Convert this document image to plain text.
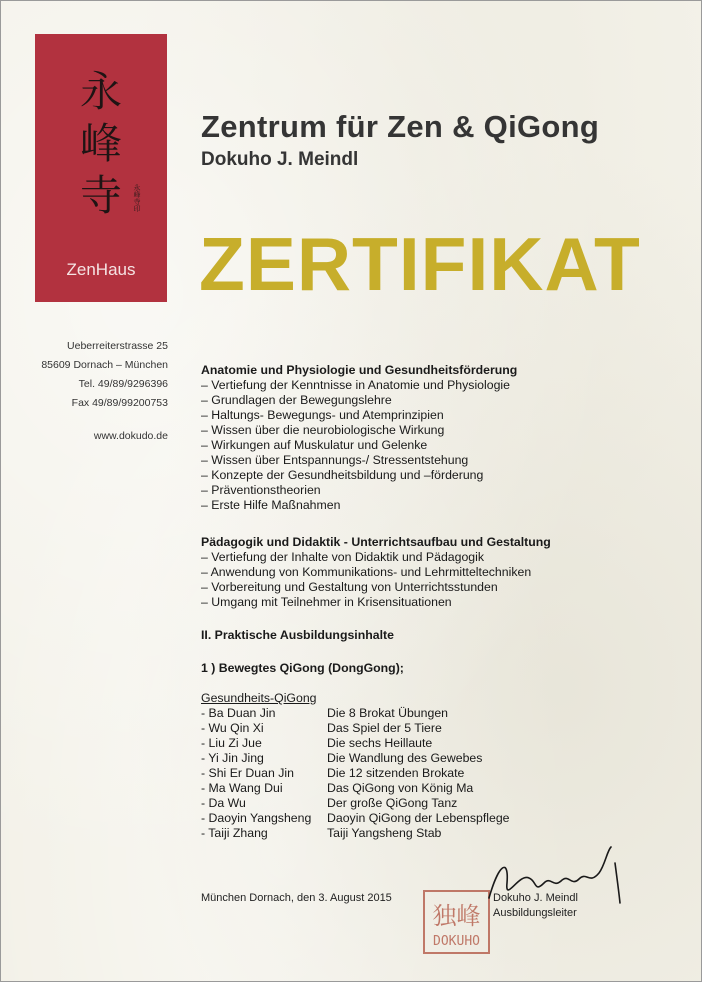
永
峰
寺 永峰寺印
ZenHaus
Zentrum für Zen & QiGong
Dokuho J. Meindl
ZERTIFIKAT
Ueberreiterstrasse 25
85609 Dornach – München
Tel. 49/89/9296396
Fax 49/89/99200753
www.dokudo.de
Anatomie und Physiologie und Gesundheitsförderung
– Vertiefung der Kenntnisse in Anatomie und Physiologie
– Grundlagen der Bewegungslehre
– Haltungs- Bewegungs- und Atemprinzipien
– Wissen über die neurobiologische Wirkung
– Wirkungen auf Muskulatur und Gelenke
– Wissen über Entspannungs-/ Stressentstehung
– Konzepte der Gesundheitsbildung und –förderung
– Präventionstheorien
– Erste Hilfe Maßnahmen
Pädagogik und Didaktik - Unterrichtsaufbau und Gestaltung
– Vertiefung der Inhalte von Didaktik und Pädagogik
– Anwendung von Kommunikations- und Lehrmitteltechniken
– Vorbereitung und Gestaltung von Unterrichtsstunden
– Umgang mit Teilnehmer in Krisensituationen
II. Praktische Ausbildungsinhalte
1 ) Bewegtes QiGong (DongGong);
Gesundheits-QiGong
- Ba Duan Jin	Die 8 Brokat Übungen
- Wu Qin Xi	Das Spiel der 5 Tiere
- Liu Zi Jue	Die sechs Heillaute
- Yi Jin Jing	Die Wandlung des Gewebes
- Shi Er Duan Jin	Die 12 sitzenden Brokate
- Ma Wang Dui	Das QiGong von König Ma
- Da Wu	Der große QiGong Tanz
- Daoyin Yangsheng	Daoyin QiGong der Lebenspflege
- Taiji Zhang	Taiji Yangsheng Stab
München Dornach, den 3. August 2015
独峰
DOKUHO
Dokuho J. Meindl
Ausbildungsleiter
